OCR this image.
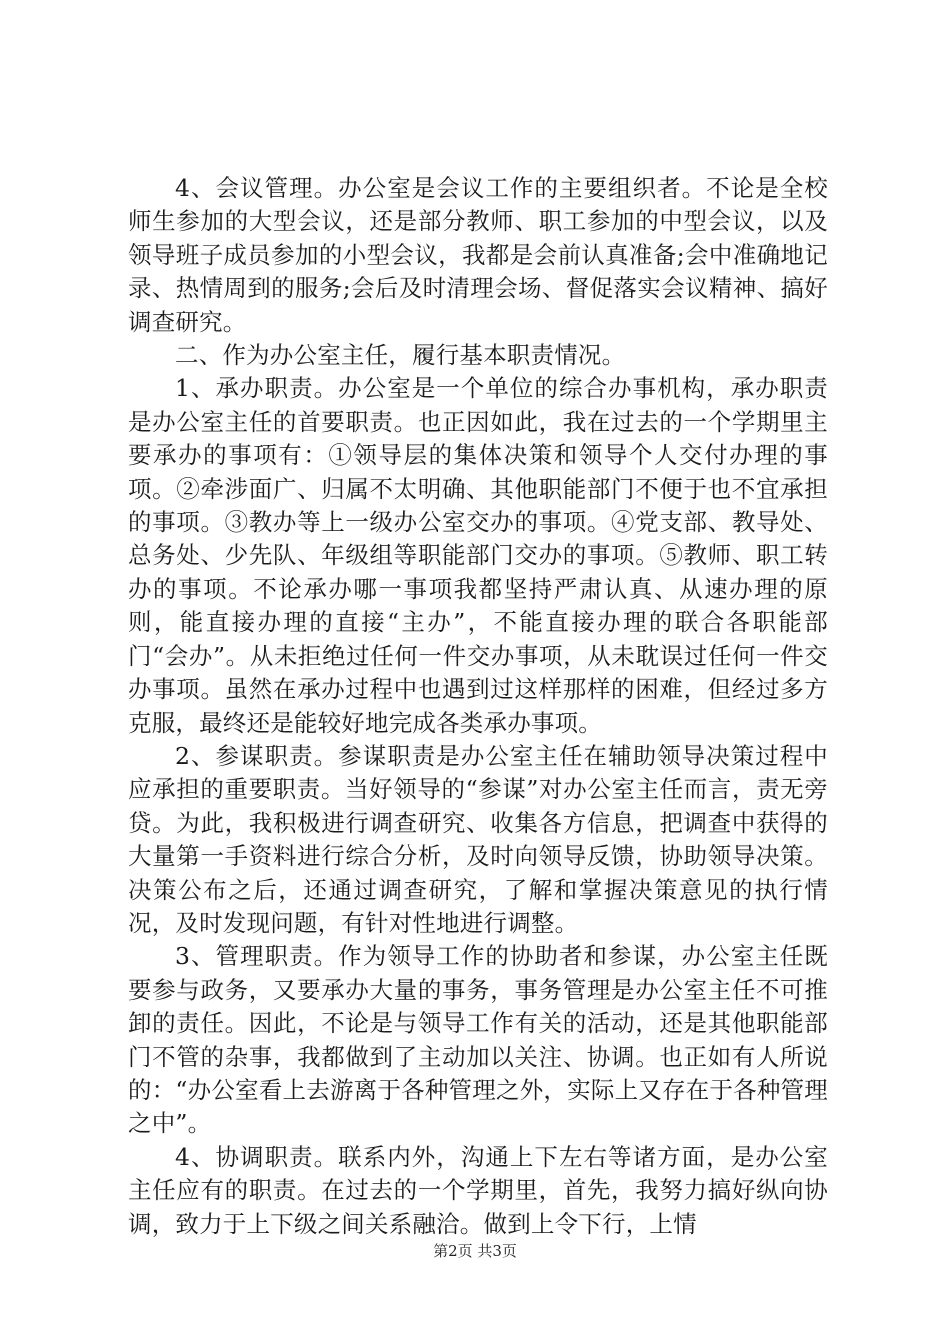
4、会议管理。办公室是会议工作的主要组织者。不论是全校师生参加的大型会议，还是部分教师、职工参加的中型会议，以及领导班子成员参加的小型会议，我都是会前认真准备;会中准确地记录、热情周到的服务;会后及时清理会场、督促落实会议精神、搞好调查研究。

二、作为办公室主任，履行基本职责情况。

1、承办职责。办公室是一个单位的综合办事机构，承办职责是办公室主任的首要职责。也正因如此，我在过去的一个学期里主要承办的事项有：①领导层的集体决策和领导个人交付办理的事项。②牵涉面广、归属不太明确、其他职能部门不便于也不宜承担的事项。③教办等上一级办公室交办的事项。④党支部、教导处、总务处、少先队、年级组等职能部门交办的事项。⑤教师、职工转办的事项。不论承办哪一事项我都坚持严肃认真、从速办理的原则，能直接办理的直接“主办”，不能直接办理的联合各职能部门“会办”。从未拒绝过任何一件交办事项，从未耽误过任何一件交办事项。虽然在承办过程中也遇到过这样那样的困难，但经过多方克服，最终还是能较好地完成各类承办事项。

2、参谋职责。参谋职责是办公室主任在辅助领导决策过程中应承担的重要职责。当好领导的“参谋”对办公室主任而言，责无旁贷。为此，我积极进行调查研究、收集各方信息，把调查中获得的大量第一手资料进行综合分析，及时向领导反馈，协助领导决策。决策公布之后，还通过调查研究，了解和掌握决策意见的执行情况，及时发现问题，有针对性地进行调整。

3、管理职责。作为领导工作的协助者和参谋，办公室主任既要参与政务，又要承办大量的事务，事务管理是办公室主任不可推卸的责任。因此，不论是与领导工作有关的活动，还是其他职能部门不管的杂事，我都做到了主动加以关注、协调。也正如有人所说的：“办公室看上去游离于各种管理之外，实际上又存在于各种管理之中”。

4、协调职责。联系内外，沟通上下左右等诸方面，是办公室主任应有的职责。在过去的一个学期里，首先，我努力搞好纵向协调，致力于上下级之间关系融洽。做到上令下行，上情

第2页 共3页
